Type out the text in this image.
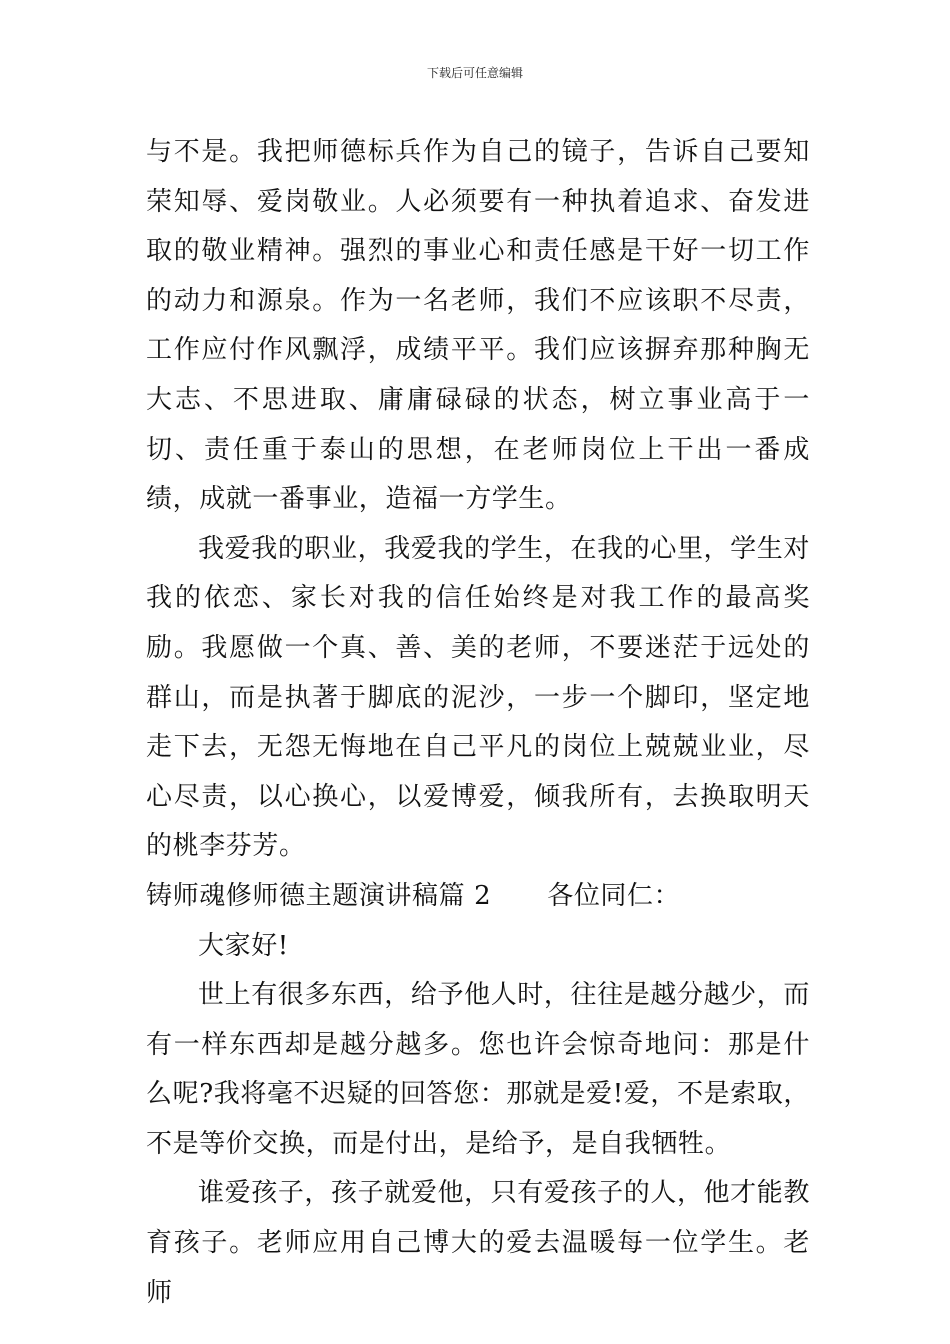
下载后可任意编辑

与不是。我把师德标兵作为自己的镜子，告诉自己要知荣知辱、爱岗敬业。人必须要有一种执着追求、奋发进取的敬业精神。强烈的事业心和责任感是干好一切工作的动力和源泉。作为一名老师，我们不应该职不尽责，工作应付作风飘浮，成绩平平。我们应该摒弃那种胸无大志、不思进取、庸庸碌碌的状态，树立事业高于一切、责任重于泰山的思想，在老师岗位上干出一番成绩，成就一番事业，造福一方学生。

我爱我的职业，我爱我的学生，在我的心里，学生对我的依恋、家长对我的信任始终是对我工作的最高奖励。我愿做一个真、善、美的老师，不要迷茫于远处的群山，而是执著于脚底的泥沙，一步一个脚印，坚定地走下去，无怨无悔地在自己平凡的岗位上兢兢业业，尽心尽责，以心换心，以爱博爱，倾我所有，去换取明天的桃李芬芳。

铸师魂修师德主题演讲稿篇 2 各位同仁：

大家好!

世上有很多东西，给予他人时，往往是越分越少，而有一样东西却是越分越多。您也许会惊奇地问：那是什么呢?我将毫不迟疑的回答您：那就是爱!爱，不是索取，不是等价交换，而是付出，是给予，是自我牺牲。

谁爱孩子，孩子就爱他，只有爱孩子的人，他才能教育孩子。老师应用自己博大的爱去温暖每一位学生。老师
